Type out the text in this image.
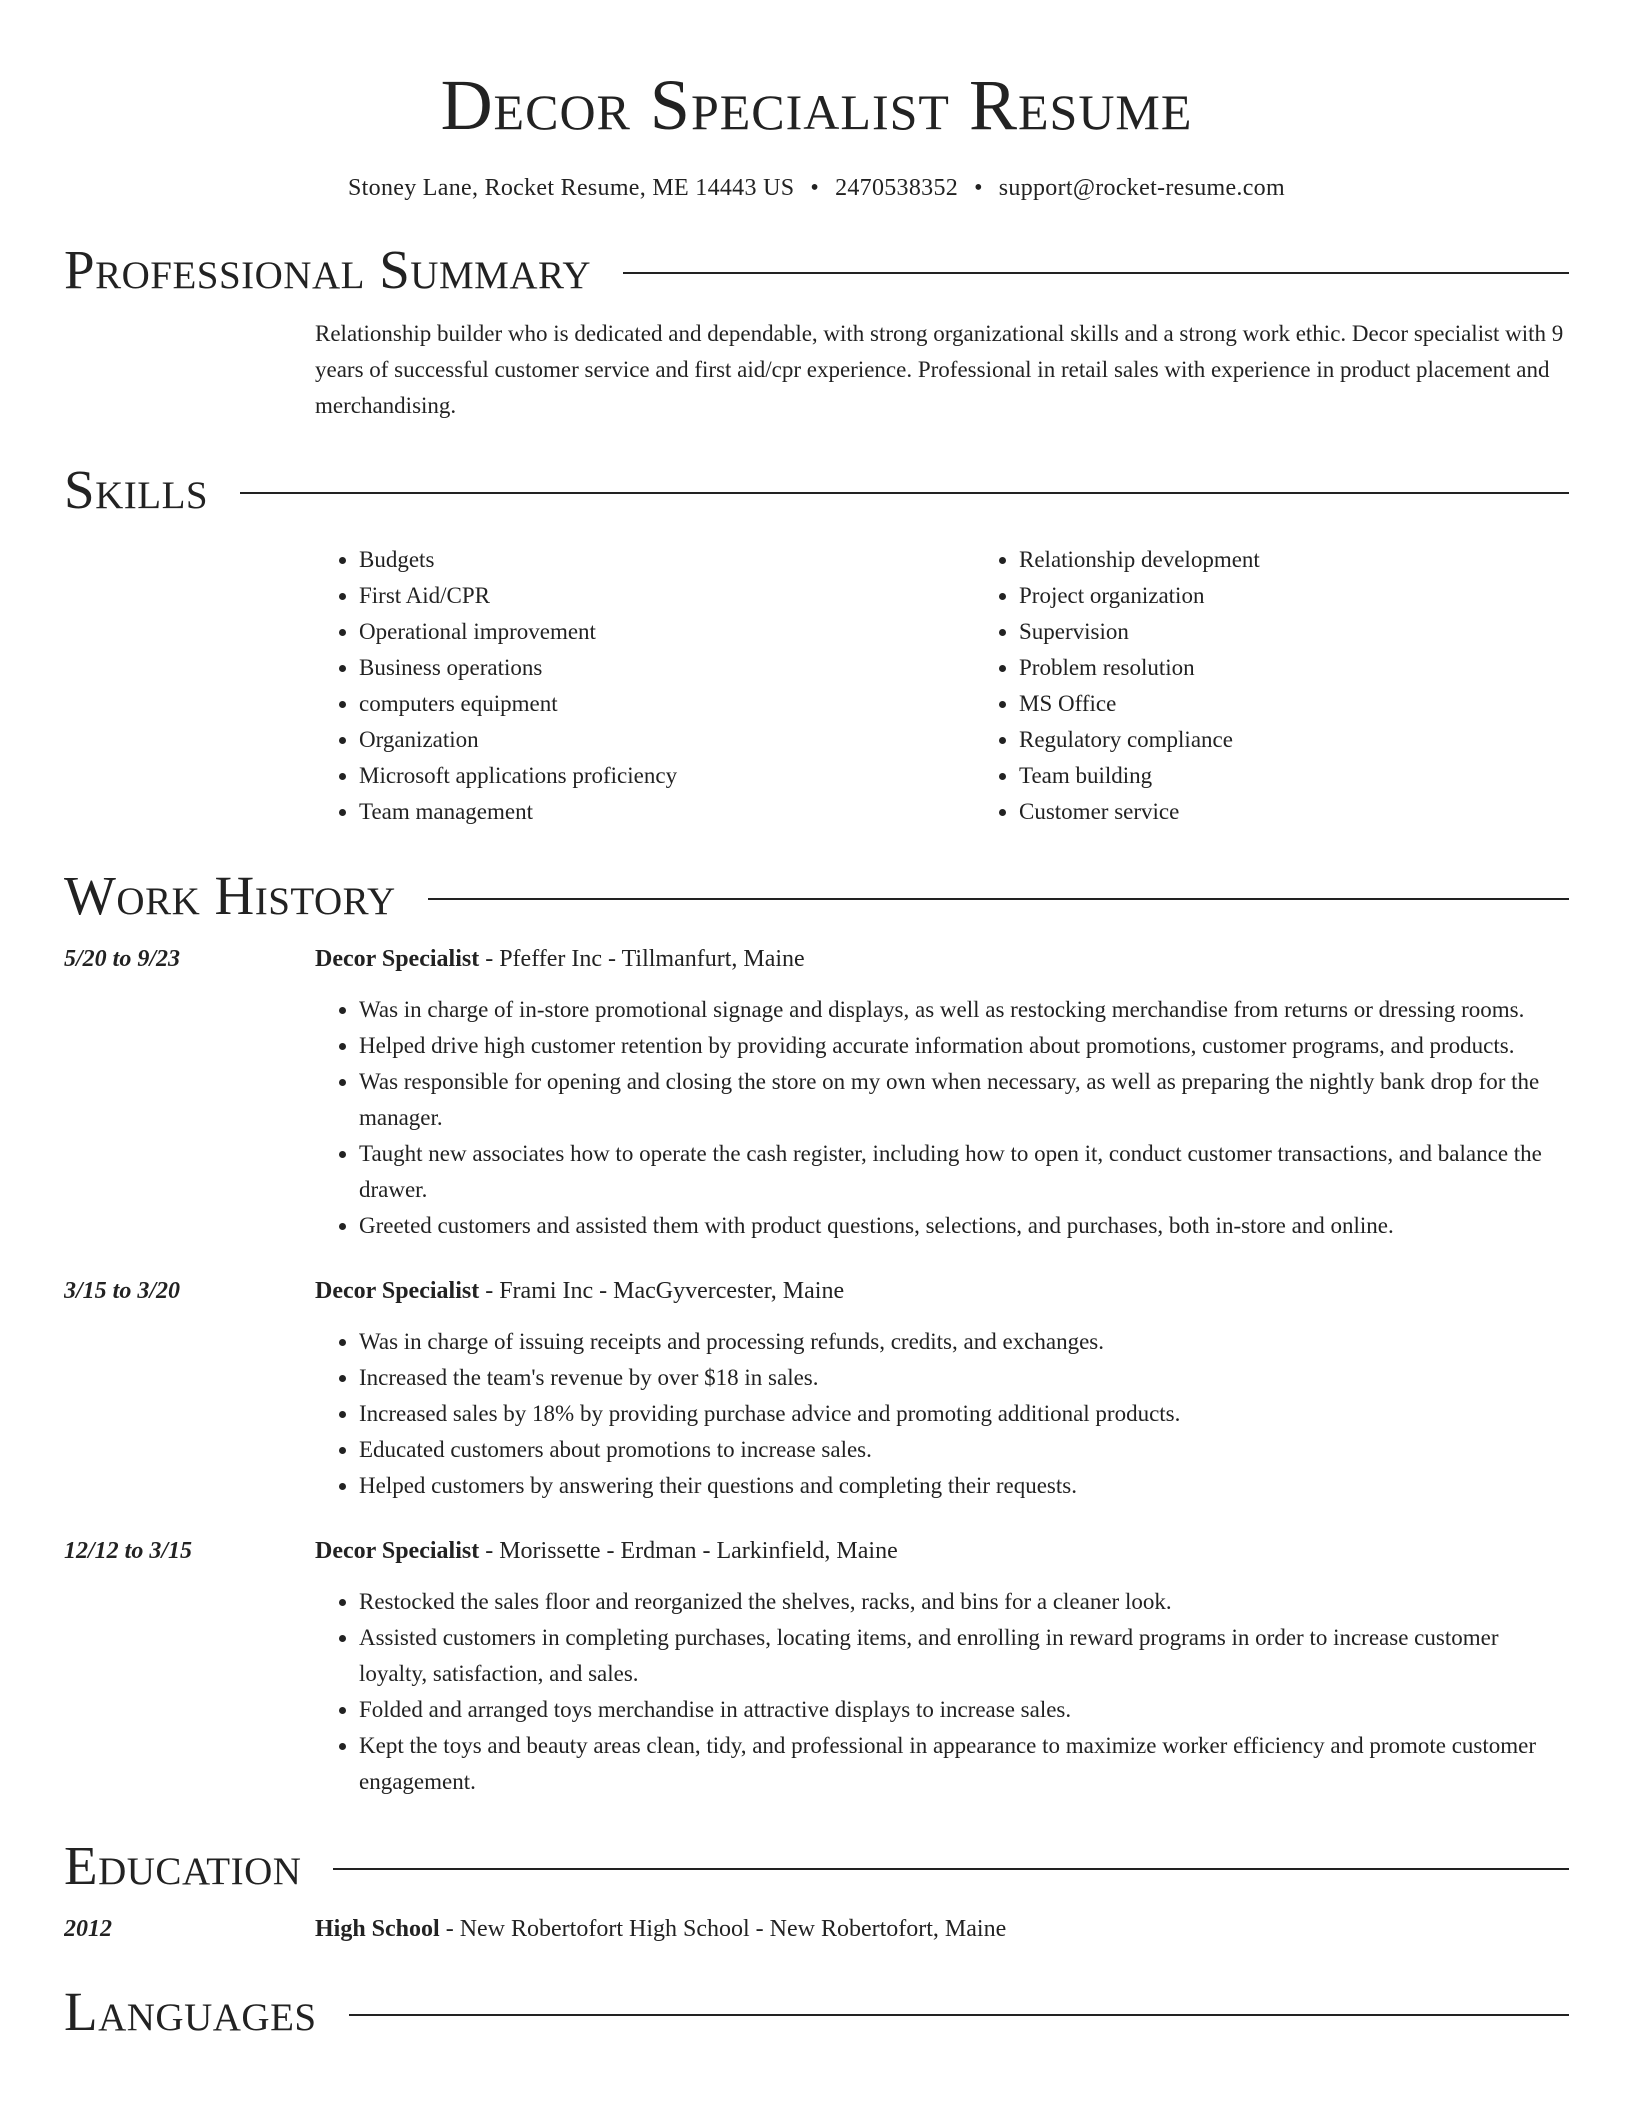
Decor Specialist Resume
Stoney Lane, Rocket Resume, ME 14443 US • 2470538352 • support@rocket-resume.com
Professional Summary

Relationship builder who is dedicated and dependable, with strong organizational skills and a strong work ethic. Decor specialist with 9 years of successful customer service and first aid/cpr experience. Professional in retail sales with experience in product placement and merchandising.

Skills
• Budgets
• First Aid/CPR
• Operational improvement
• Business operations
• computers equipment
• Organization
• Microsoft applications proficiency
• Team management
• Relationship development
• Project organization
• Supervision
• Problem resolution
• MS Office
• Regulatory compliance
• Team building
• Customer service
Work History
5/20 to 9/23	Decor Specialist - Pfeffer Inc - Tillmanfurt, Maine
• Was in charge of in-store promotional signage and displays, as well as restocking merchandise from returns or dressing rooms.
• Helped drive high customer retention by providing accurate information about promotions, customer programs, and products.
• Was responsible for opening and closing the store on my own when necessary, as well as preparing the nightly bank drop for the manager.
• Taught new associates how to operate the cash register, including how to open it, conduct customer transactions, and balance the drawer.
• Greeted customers and assisted them with product questions, selections, and purchases, both in-store and online.
3/15 to 3/20	Decor Specialist - Frami Inc - MacGyvercester, Maine
• Was in charge of issuing receipts and processing refunds, credits, and exchanges.
• Increased the team's revenue by over $18 in sales.
• Increased sales by 18% by providing purchase advice and promoting additional products.
• Educated customers about promotions to increase sales.
• Helped customers by answering their questions and completing their requests.
12/12 to 3/15	Decor Specialist - Morissette - Erdman - Larkinfield, Maine
• Restocked the sales floor and reorganized the shelves, racks, and bins for a cleaner look.
• Assisted customers in completing purchases, locating items, and enrolling in reward programs in order to increase customer loyalty, satisfaction, and sales.
• Folded and arranged toys merchandise in attractive displays to increase sales.
• Kept the toys and beauty areas clean, tidy, and professional in appearance to maximize worker efficiency and promote customer engagement.
Education
2012	High School - New Robertofort High School - New Robertofort, Maine
Languages
